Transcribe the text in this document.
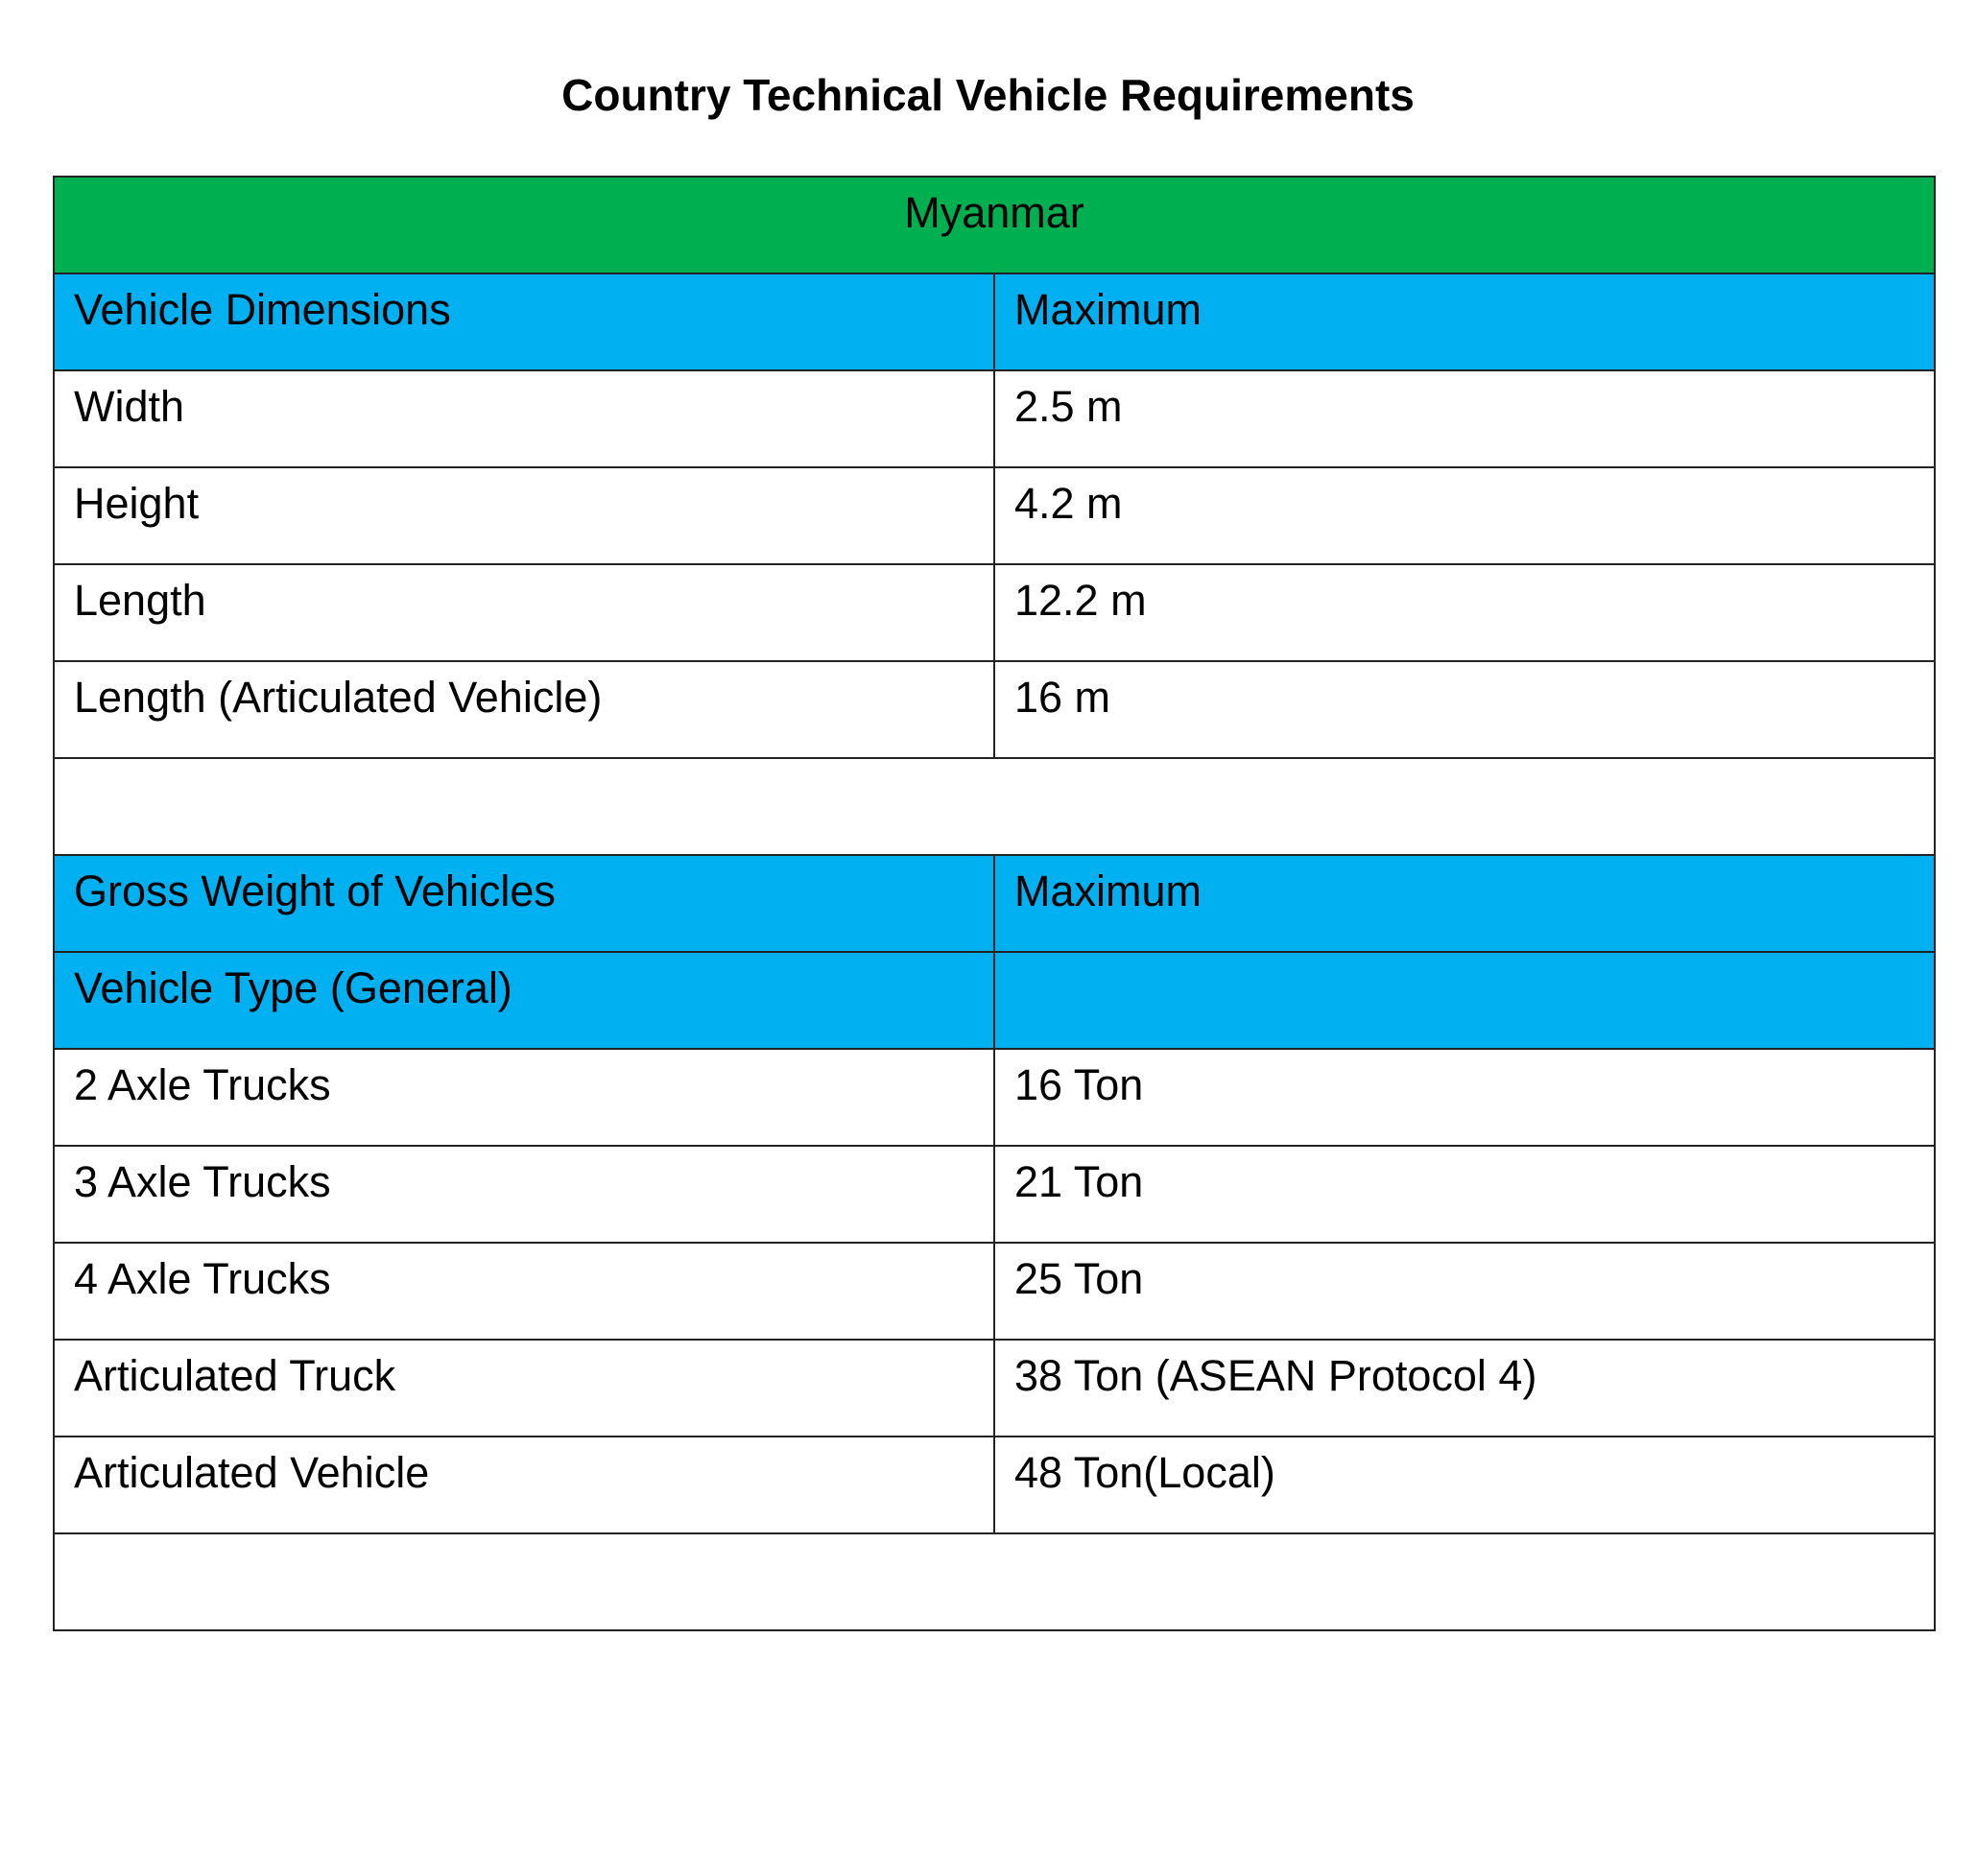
Country Technical Vehicle Requirements
Myanmar	

Vehicle Dimensions	Maximum

Width	2.5 m

Height	4.2 m

Length	12.2 m

Length (Articulated Vehicle)	16 m

Gross Weight of Vehicles	Maximum

Vehicle Type (General)	

2 Axle Trucks	16 Ton

3 Axle Trucks	21 Ton

4 Axle Trucks	25 Ton

Articulated Truck	38 Ton (ASEAN Protocol 4)

Articulated Vehicle	48 Ton(Local)
